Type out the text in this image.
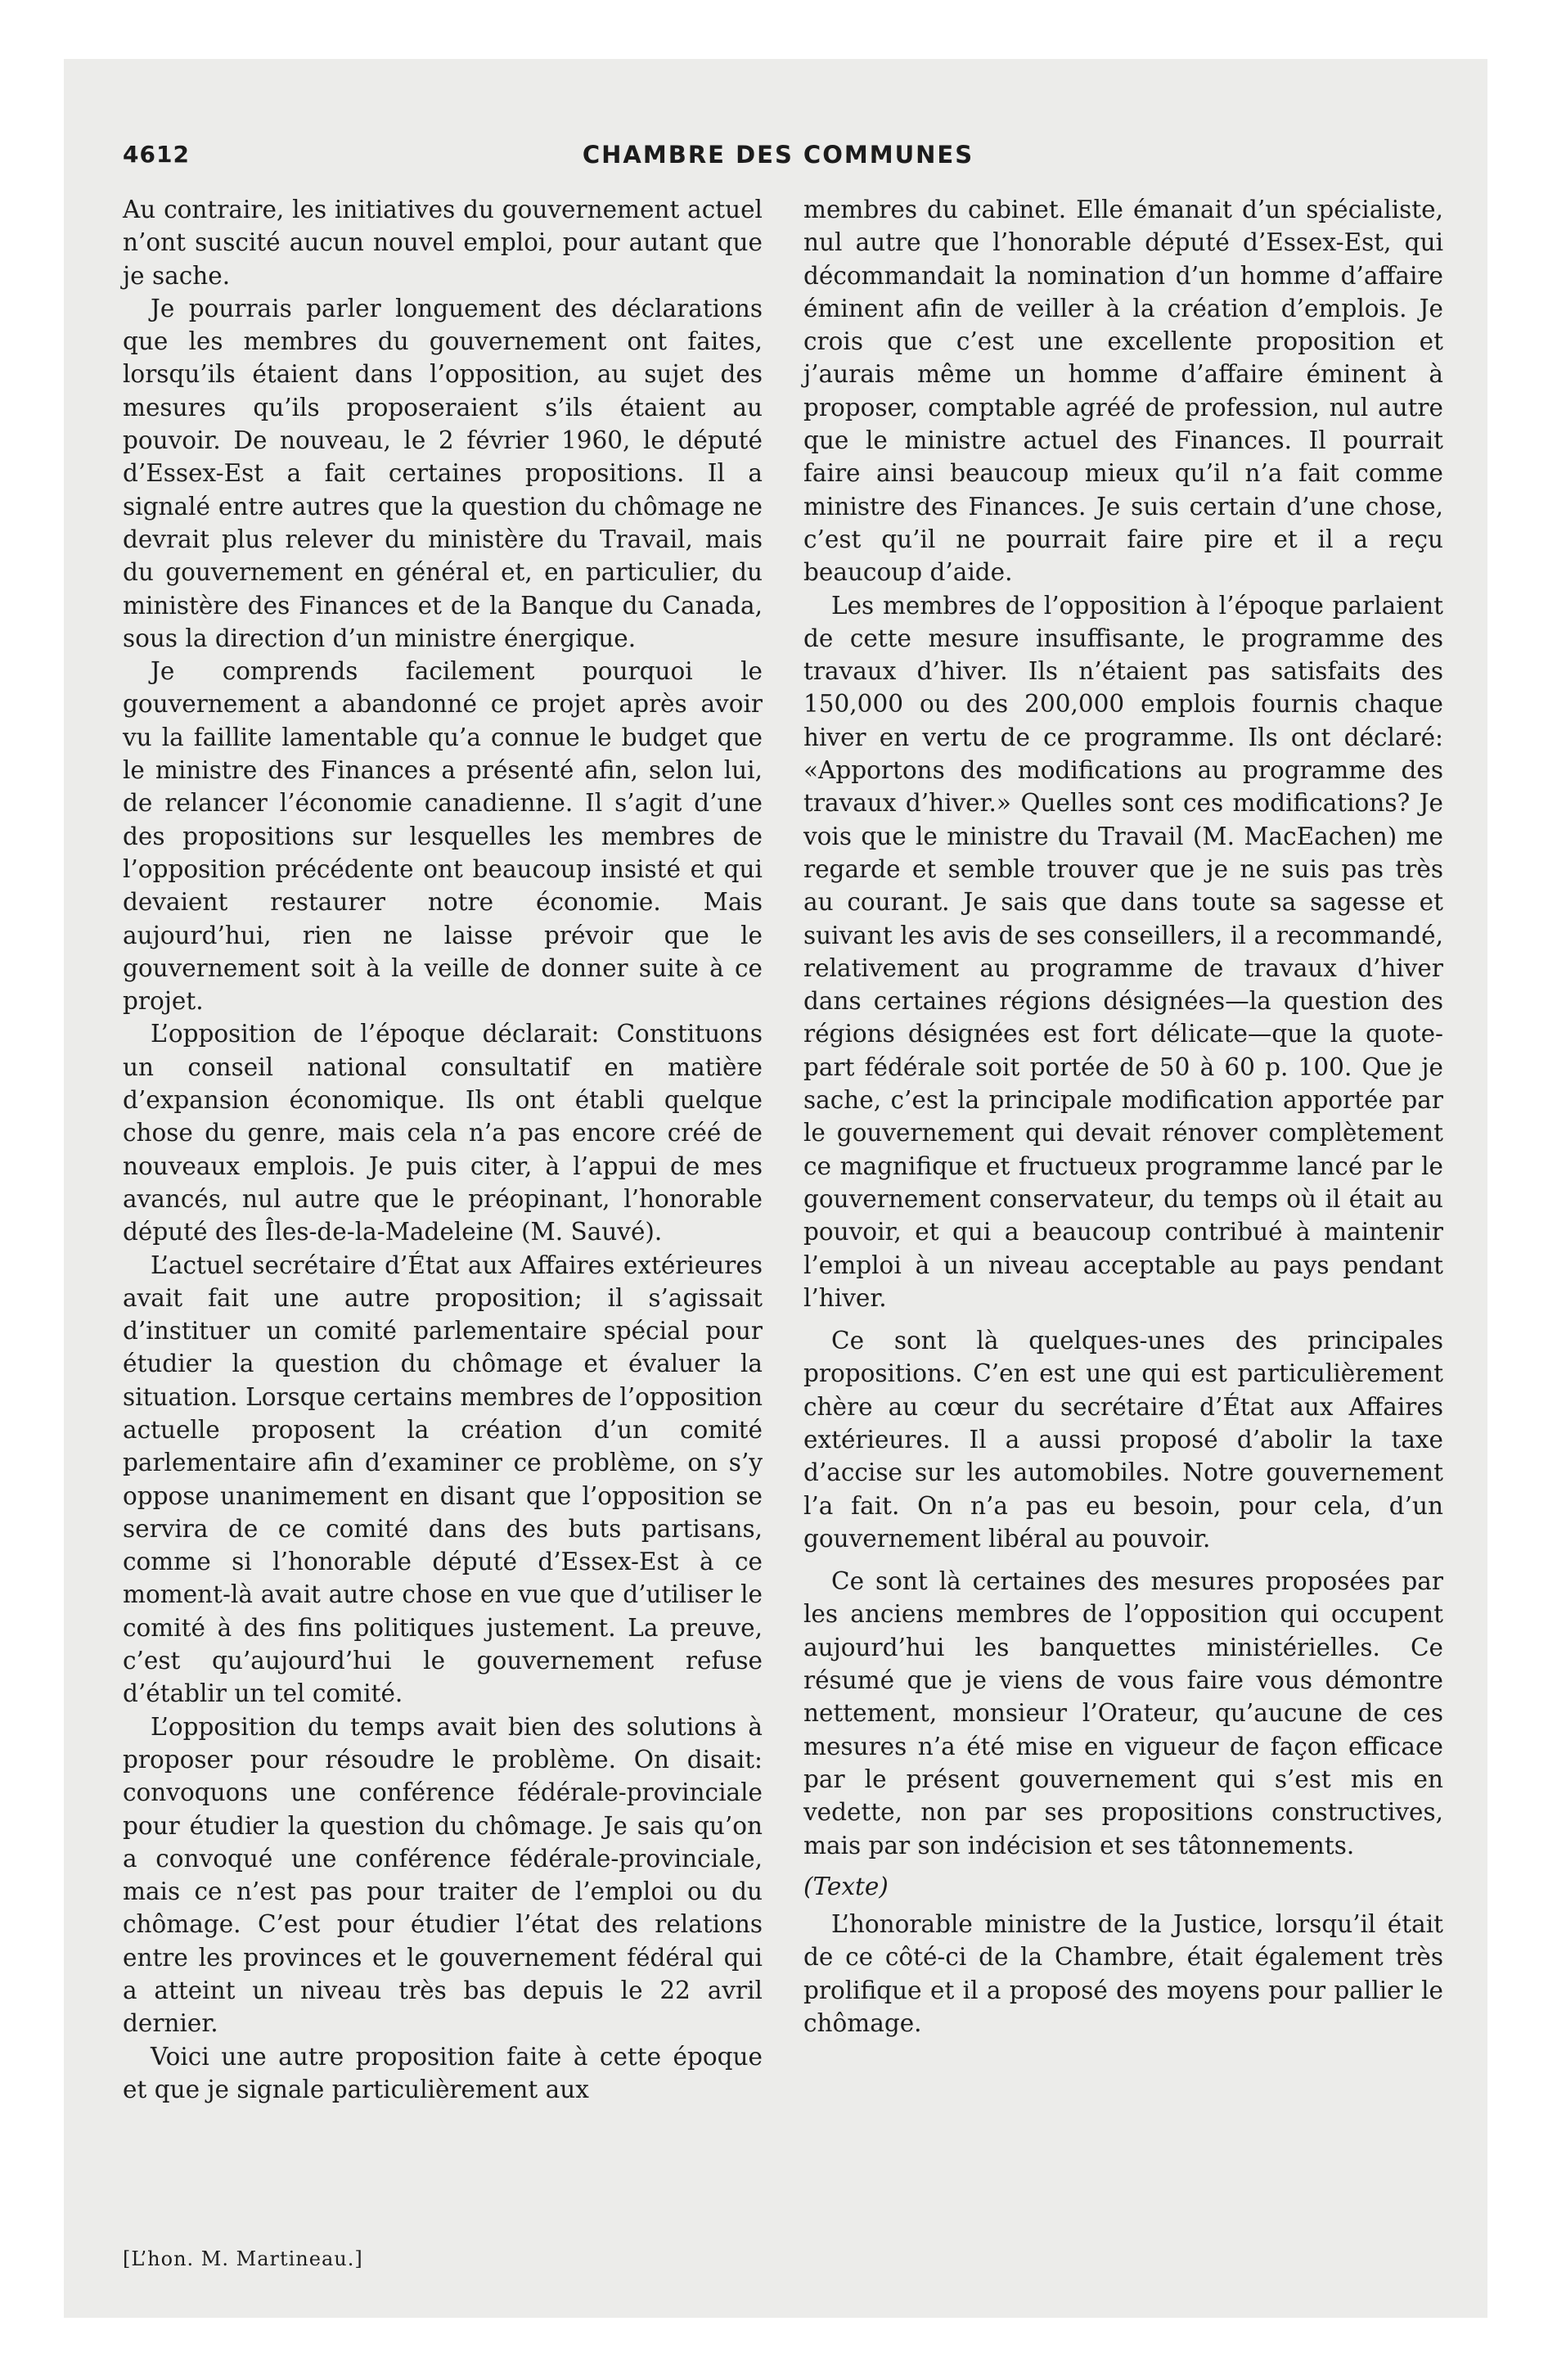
4612	CHAMBRE DES COMMUNES

Au contraire, les initiatives du gouvernement actuel n’ont suscité aucun nouvel emploi, pour autant que je sache.

Je pourrais parler longuement des déclarations que les membres du gouvernement ont faites, lorsqu’ils étaient dans l’opposition, au sujet des mesures qu’ils proposeraient s’ils étaient au pouvoir. De nouveau, le 2 février 1960, le député d’Essex-Est a fait certaines propositions. Il a signalé entre autres que la question du chômage ne devrait plus relever du ministère du Travail, mais du gouvernement en général et, en particulier, du ministère des Finances et de la Banque du Canada, sous la direction d’un ministre énergique.

Je comprends facilement pourquoi le gouvernement a abandonné ce projet après avoir vu la faillite lamentable qu’a connue le budget que le ministre des Finances a présenté afin, selon lui, de relancer l’économie canadienne. Il s’agit d’une des propositions sur lesquelles les membres de l’opposition précédente ont beaucoup insisté et qui devaient restaurer notre économie. Mais aujourd’hui, rien ne laisse prévoir que le gouvernement soit à la veille de donner suite à ce projet.

L’opposition de l’époque déclarait: Constituons un conseil national consultatif en matière d’expansion économique. Ils ont établi quelque chose du genre, mais cela n’a pas encore créé de nouveaux emplois. Je puis citer, à l’appui de mes avancés, nul autre que le préopinant, l’honorable député des Îles-de-la-Madeleine (M. Sauvé).

L’actuel secrétaire d’État aux Affaires extérieures avait fait une autre proposition; il s’agissait d’instituer un comité parlementaire spécial pour étudier la question du chômage et évaluer la situation. Lorsque certains membres de l’opposition actuelle proposent la création d’un comité parlementaire afin d’examiner ce problème, on s’y oppose unanimement en disant que l’opposition se servira de ce comité dans des buts partisans, comme si l’honorable député d’Essex-Est à ce moment-là avait autre chose en vue que d’utiliser le comité à des fins politiques justement. La preuve, c’est qu’aujourd’hui le gouvernement refuse d’établir un tel comité.

L’opposition du temps avait bien des solutions à proposer pour résoudre le problème. On disait: convoquons une conférence fédérale-provinciale pour étudier la question du chômage. Je sais qu’on a convoqué une conférence fédérale-provinciale, mais ce n’est pas pour traiter de l’emploi ou du chômage. C’est pour étudier l’état des relations entre les provinces et le gouvernement fédéral qui a atteint un niveau très bas depuis le 22 avril dernier.

Voici une autre proposition faite à cette époque et que je signale particulièrement aux

membres du cabinet. Elle émanait d’un spécialiste, nul autre que l’honorable député d’Essex-Est, qui décommandait la nomination d’un homme d’affaire éminent afin de veiller à la création d’emplois. Je crois que c’est une excellente proposition et j’aurais même un homme d’affaire éminent à proposer, comptable agréé de profession, nul autre que le ministre actuel des Finances. Il pourrait faire ainsi beaucoup mieux qu’il n’a fait comme ministre des Finances. Je suis certain d’une chose, c’est qu’il ne pourrait faire pire et il a reçu beaucoup d’aide.

Les membres de l’opposition à l’époque parlaient de cette mesure insuffisante, le programme des travaux d’hiver. Ils n’étaient pas satisfaits des 150,000 ou des 200,000 emplois fournis chaque hiver en vertu de ce programme. Ils ont déclaré: «Apportons des modifications au programme des travaux d’hiver.» Quelles sont ces modifications? Je vois que le ministre du Travail (M. MacEachen) me regarde et semble trouver que je ne suis pas très au courant. Je sais que dans toute sa sagesse et suivant les avis de ses conseillers, il a recommandé, relativement au programme de travaux d’hiver dans certaines régions désignées—la question des régions désignées est fort délicate—que la quote-part fédérale soit portée de 50 à 60 p. 100. Que je sache, c’est la principale modification apportée par le gouvernement qui devait rénover complètement ce magnifique et fructueux programme lancé par le gouvernement conservateur, du temps où il était au pouvoir, et qui a beaucoup contribué à maintenir l’emploi à un niveau acceptable au pays pendant l’hiver.

Ce sont là quelques-unes des principales propositions. C’en est une qui est particulièrement chère au cœur du secrétaire d’État aux Affaires extérieures. Il a aussi proposé d’abolir la taxe d’accise sur les automobiles. Notre gouvernement l’a fait. On n’a pas eu besoin, pour cela, d’un gouvernement libéral au pouvoir.

Ce sont là certaines des mesures proposées par les anciens membres de l’opposition qui occupent aujourd’hui les banquettes ministérielles. Ce résumé que je viens de vous faire vous démontre nettement, monsieur l’Orateur, qu’aucune de ces mesures n’a été mise en vigueur de façon efficace par le présent gouvernement qui s’est mis en vedette, non par ses propositions constructives, mais par son indécision et ses tâtonnements.

(Texte)

L’honorable ministre de la Justice, lorsqu’il était de ce côté-ci de la Chambre, était également très prolifique et il a proposé des moyens pour pallier le chômage.

[L’hon. M. Martineau.]
